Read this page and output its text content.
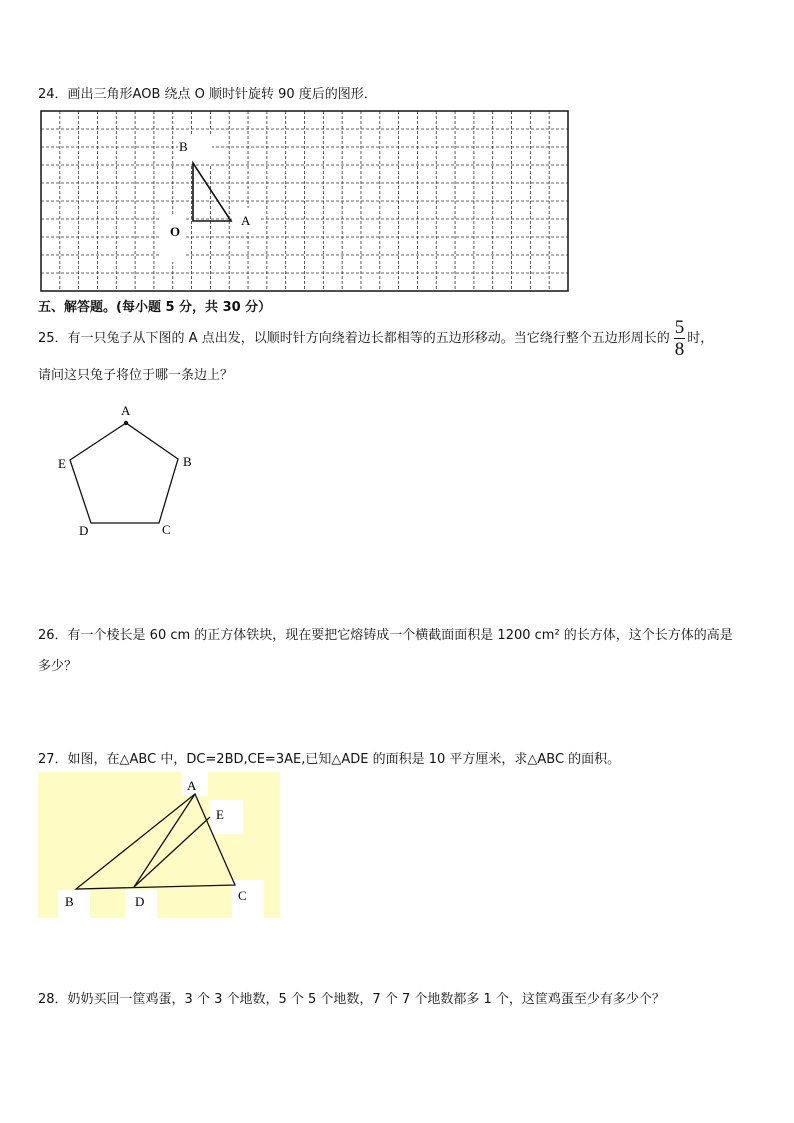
24．画出三角形AOB 绕点 O 顺时针旋转 90 度后的图形．
B
A
O
五、解答题。(每小题 5 分，共 30 分）
25．有一只兔子从下图的 A 点出发，以顺时针方向绕着边长都相等的五边形移动。当它绕行整个五边形周长的 $\frac{5}{8}$ 时，
请问这只兔子将位于哪一条边上？
A
B
C
D
E
26．有一个棱长是 60 cm 的正方体铁块，现在要把它熔铸成一个横截面面积是 1200 cm² 的长方体，这个长方体的高是
多少？
27．如图，在△ABC 中，DC=2BD,CE=3AE,已知△ADE 的面积是 10 平方厘米，求△ABC 的面积。
A
E
C
B	D
28．奶奶买回一筐鸡蛋，3 个 3 个地数，5 个 5 个地数，7 个 7 个地数都多 1 个，这筐鸡蛋至少有多少个？
